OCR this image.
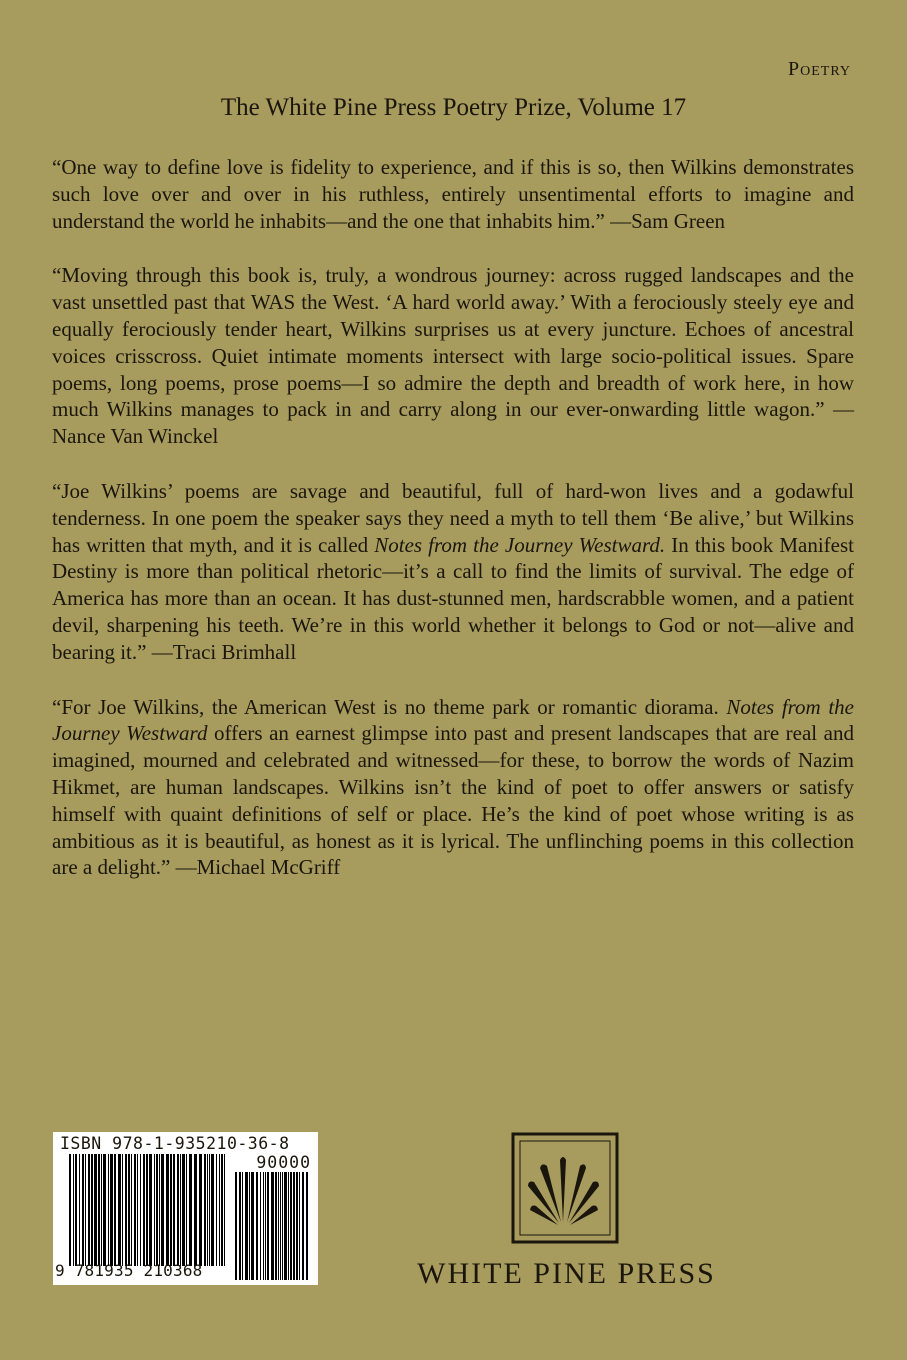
Poetry
The White Pine Press Poetry Prize, Volume 17

“One way to define love is fidelity to experience, and if this is so, then Wilkins demonstrates such love over and over in his ruthless, entirely unsentimental efforts to imagine and understand the world he inhabits—and the one that inhabits him.” —Sam Green

“Moving through this book is, truly, a wondrous journey: across rugged landscapes and the vast unsettled past that WAS the West. ‘A hard world away.’ With a ferociously steely eye and equally ferociously tender heart, Wilkins surprises us at every juncture. Echoes of ancestral voices crisscross. Quiet intimate moments intersect with large socio-political issues. Spare poems, long poems, prose poems—I so admire the depth and breadth of work here, in how much Wilkins manages to pack in and carry along in our ever-onwarding little wagon.” —Nance Van Winckel

“Joe Wilkins’ poems are savage and beautiful, full of hard-won lives and a godawful tenderness. In one poem the speaker says they need a myth to tell them ‘Be alive,’ but Wilkins has written that myth, and it is called Notes from the Journey Westward. In this book Manifest Destiny is more than political rhetoric—it’s a call to find the limits of survival. The edge of America has more than an ocean. It has dust-stunned men, hardscrabble women, and a patient devil, sharpening his teeth. We’re in this world whether it belongs to God or not—alive and bearing it.” —Traci Brimhall

“For Joe Wilkins, the American West is no theme park or romantic diorama. Notes from the Journey Westward offers an earnest glimpse into past and present landscapes that are real and imagined, mourned and celebrated and witnessed—for these, to borrow the words of Nazim Hikmet, are human landscapes. Wilkins isn’t the kind of poet to offer answers or satisfy himself with quaint definitions of self or place. He’s the kind of poet whose writing is as ambitious as it is beautiful, as honest as it is lyrical. The unflinching poems in this collection are a delight.” —Michael McGriff

ISBN 978-1-935210-36-8
90000
9 781935 210368	WHITE PINE PRESS
